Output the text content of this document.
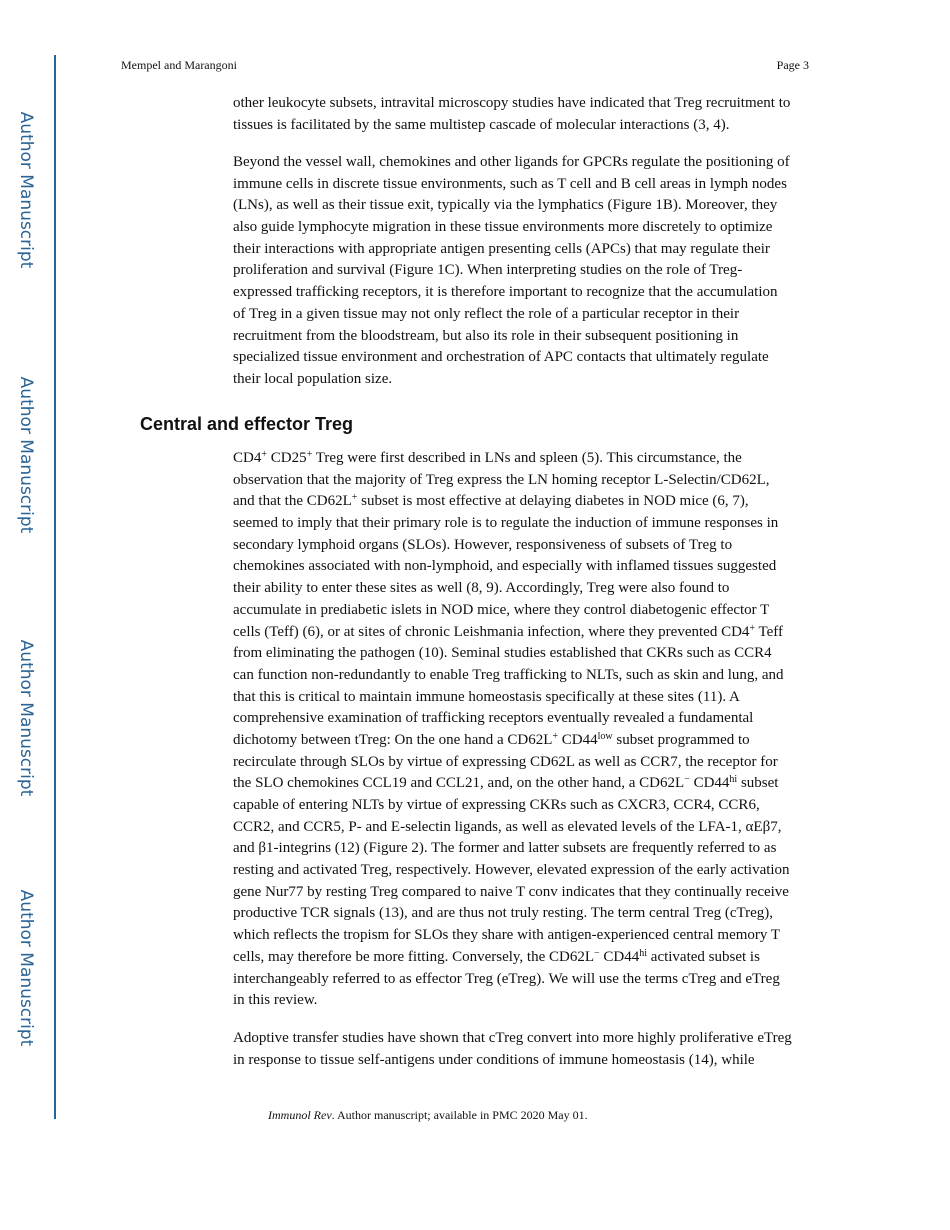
Author Manuscript
Author Manuscript
Author Manuscript
Author Manuscript
Mempel and Marangoni	Page 3
other leukocyte subsets, intravital microscopy studies have indicated that Treg recruitment to
tissues is facilitated by the same multistep cascade of molecular interactions (3, 4).
Beyond the vessel wall, chemokines and other ligands for GPCRs regulate the positioning of
immune cells in discrete tissue environments, such as T cell and B cell areas in lymph nodes
(LNs), as well as their tissue exit, typically via the lymphatics (Figure 1B). Moreover, they
also guide lymphocyte migration in these tissue environments more discretely to optimize
their interactions with appropriate antigen presenting cells (APCs) that may regulate their
proliferation and survival (Figure 1C). When interpreting studies on the role of Treg-
expressed trafficking receptors, it is therefore important to recognize that the accumulation
of Treg in a given tissue may not only reflect the role of a particular receptor in their
recruitment from the bloodstream, but also its role in their subsequent positioning in
specialized tissue environment and orchestration of APC contacts that ultimately regulate
their local population size.
Central and effector Treg
CD4^+ CD25^+ Treg were first described in LNs and spleen (5). This circumstance, the
observation that the majority of Treg express the LN homing receptor L-Selectin/CD62L,
and that the CD62L^+ subset is most effective at delaying diabetes in NOD mice (6, 7),
seemed to imply that their primary role is to regulate the induction of immune responses in
secondary lymphoid organs (SLOs). However, responsiveness of subsets of Treg to
chemokines associated with non-lymphoid, and especially with inflamed tissues suggested
their ability to enter these sites as well (8, 9). Accordingly, Treg were also found to
accumulate in prediabetic islets in NOD mice, where they control diabetogenic effector T
cells (Teff) (6), or at sites of chronic Leishmania infection, where they prevented CD4^+ Teff
from eliminating the pathogen (10). Seminal studies established that CKRs such as CCR4
can function non-redundantly to enable Treg trafficking to NLTs, such as skin and lung, and
that this is critical to maintain immune homeostasis specifically at these sites (11). A
comprehensive examination of trafficking receptors eventually revealed a fundamental
dichotomy between tTreg: On the one hand a CD62L^+ $CD44^{\^{}low}$ subset programmed to
recirculate through SLOs by virtue of expressing CD62L as well as CCR7, the receptor for
the SLO chemokines CCL19 and CCL21, and, on the other hand, a CD62L^− $CD44^{\^{}hi}$ subset
capable of entering NLTs by virtue of expressing CKRs such as CXCR3, CCR4, CCR6,
CCR2, and CCR5, P- and E-selectin ligands, as well as elevated levels of the LFA-1, αEβ7,
and β1-integrins (12) (Figure 2). The former and latter subsets are frequently referred to as
resting and activated Treg, respectively. However, elevated expression of the early activation
gene Nur77 by resting Treg compared to naive T conv indicates that they continually receive
productive TCR signals (13), and are thus not truly resting. The term central Treg (cTreg),
which reflects the tropism for SLOs they share with antigen-experienced central memory T
cells, may therefore be more fitting. Conversely, the CD62L^− $CD44^{\^{}hi}$ activated subset is
interchangeably referred to as effector Treg (eTreg). We will use the terms cTreg and eTreg
in this review.
Adoptive transfer studies have shown that cTreg convert into more highly proliferative eTreg
in response to tissue self-antigens under conditions of immune homeostasis (14), while
Immunol Rev. Author manuscript; available in PMC 2020 May 01.
